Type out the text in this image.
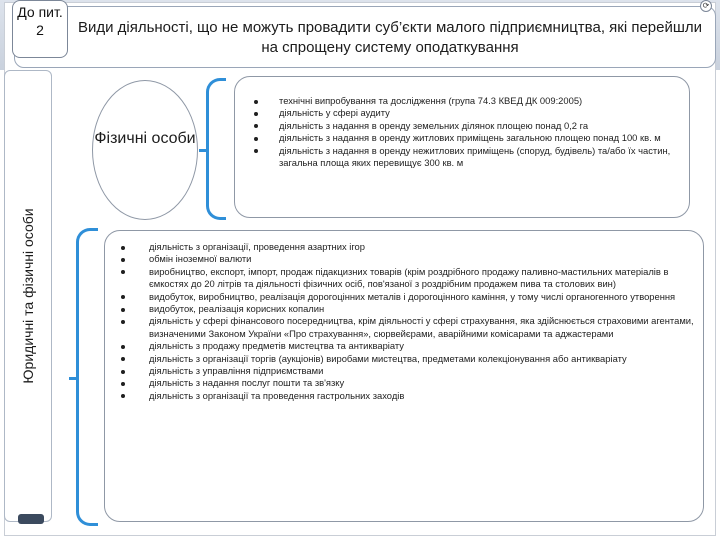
Види діяльності, що не можуть провадити суб’єкти малого підприємництва, які перейшли на спрощену систему оподаткування
До пит. 2
⟳
Юридичні та фізичні особи
Фізичні особи
технічні випробування та дослідження (група 74.3 КВЕД ДК 009:2005)
діяльність у сфері аудиту
діяльність з надання в оренду земельних ділянок площею понад 0,2 га
діяльність з надання в оренду житлових приміщень загальною площею понад 100 кв. м
діяльність з надання в оренду нежитлових приміщень (споруд, будівель) та/або їх частин, загальна площа яких перевищує 300 кв. м
діяльність з організації, проведення азартних ігор
обмін іноземної валюти
виробництво, експорт, імпорт, продаж підакцизних товарів (крім роздрібного продажу паливно-мастильних матеріалів в ємкостях до 20 літрів та діяльності фізичних осіб, пов'язаної з роздрібним продажем пива та столових вин)
видобуток, виробництво, реалізація дорогоцінних металів і дорогоцінного каміння, у тому числі органогенного утворення
видобуток, реалізація корисних копалин
діяльність у сфері фінансового посередництва, крім діяльності у сфері страхування, яка здійснюється страховими агентами, визначеними Законом України «Про страхування», сюрвейєрами, аварійними комісарами та аджастерами
діяльність з продажу предметів мистецтва та антикваріату
діяльність з організації торгів (аукціонів) виробами мистецтва, предметами колекціонування або антикваріату
діяльність з управління підприємствами
діяльність з надання послуг пошти та зв'язку
діяльність з організації та проведення гастрольних заходів
